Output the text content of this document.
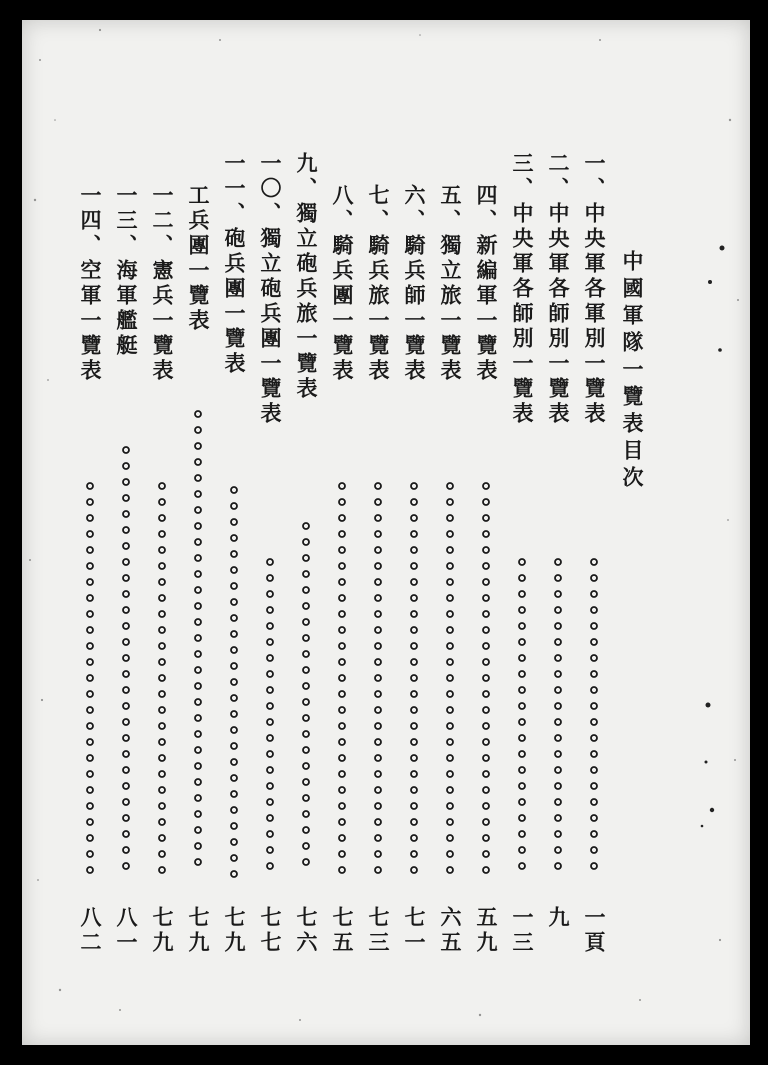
中國軍隊一覽表目次
一、中央軍各軍別一覽表
一頁
二、中央軍各師別一覽表
九
三、中央軍各師別一覽表
一三
四、新編軍一覽表
五九
五、獨立旅一覽表
六五
六、騎兵師一覽表
七一
七、騎兵旅一覽表
七三
八、騎兵團一覽表
七五
九、獨立砲兵旅一覽表
七六
一〇、獨立砲兵團一覽表
七七
一一、砲兵團一覽表
七九
工兵團一覽表
七九
一二、憲兵一覽表
七九
一三、海軍艦艇
八一
一四、空軍一覽表
八二
